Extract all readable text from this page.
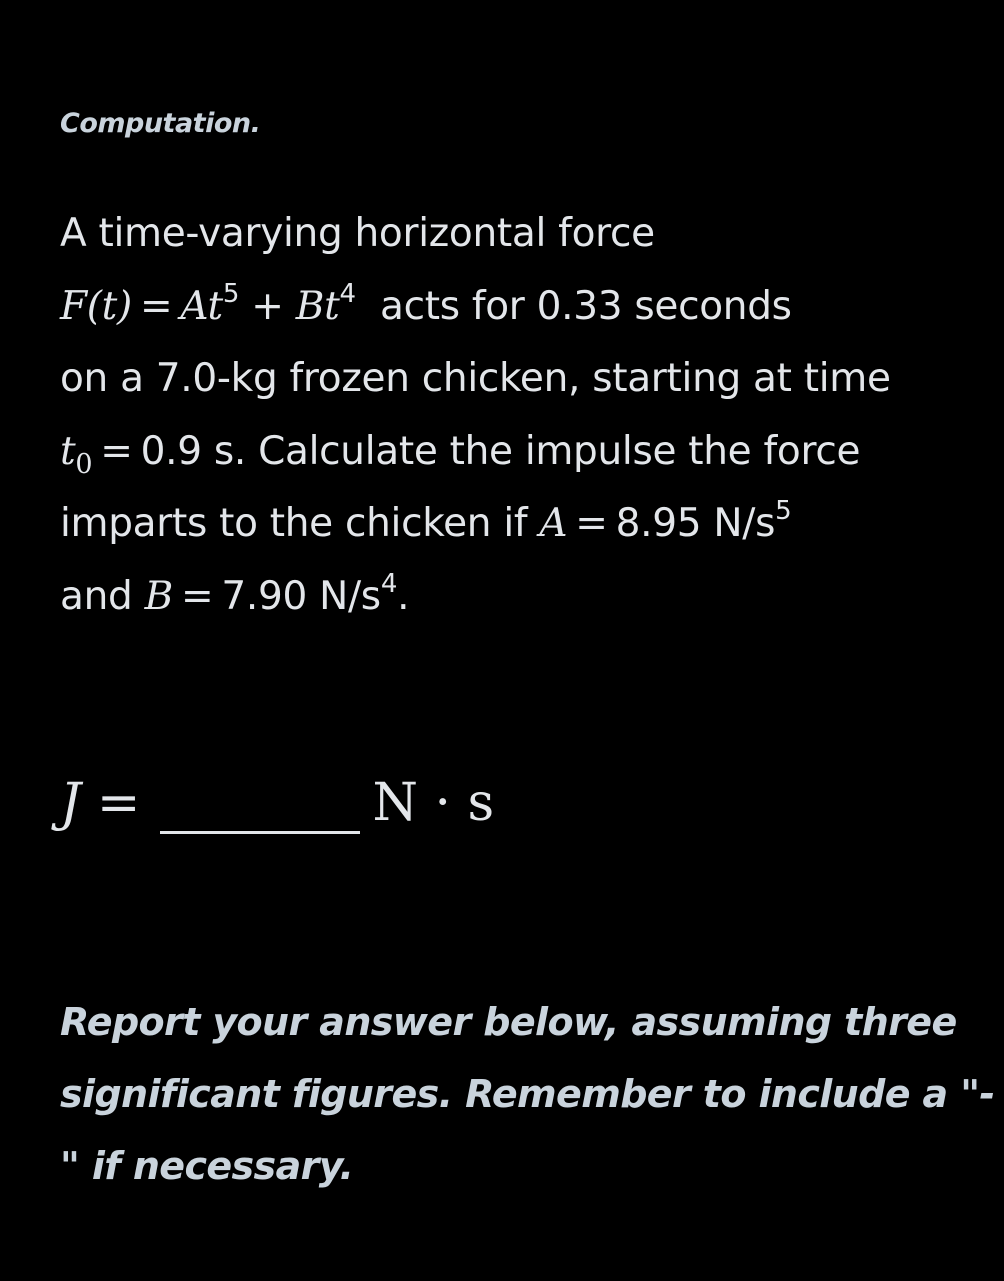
Computation.
A time-varying horizontal force
$F(t) = At^5 + Bt^4$ acts for 0.33 seconds
on a 7.0-kg frozen chicken, starting at time
$t_0 = 0.9$ s. Calculate the impulse the force
imparts to the chicken if A = 8.95 $N/s^5$
and B = 7.90 $N/s^4$.
J =	N · s
Report your answer below, assuming three
significant figures. Remember to include a "-
" if necessary.
